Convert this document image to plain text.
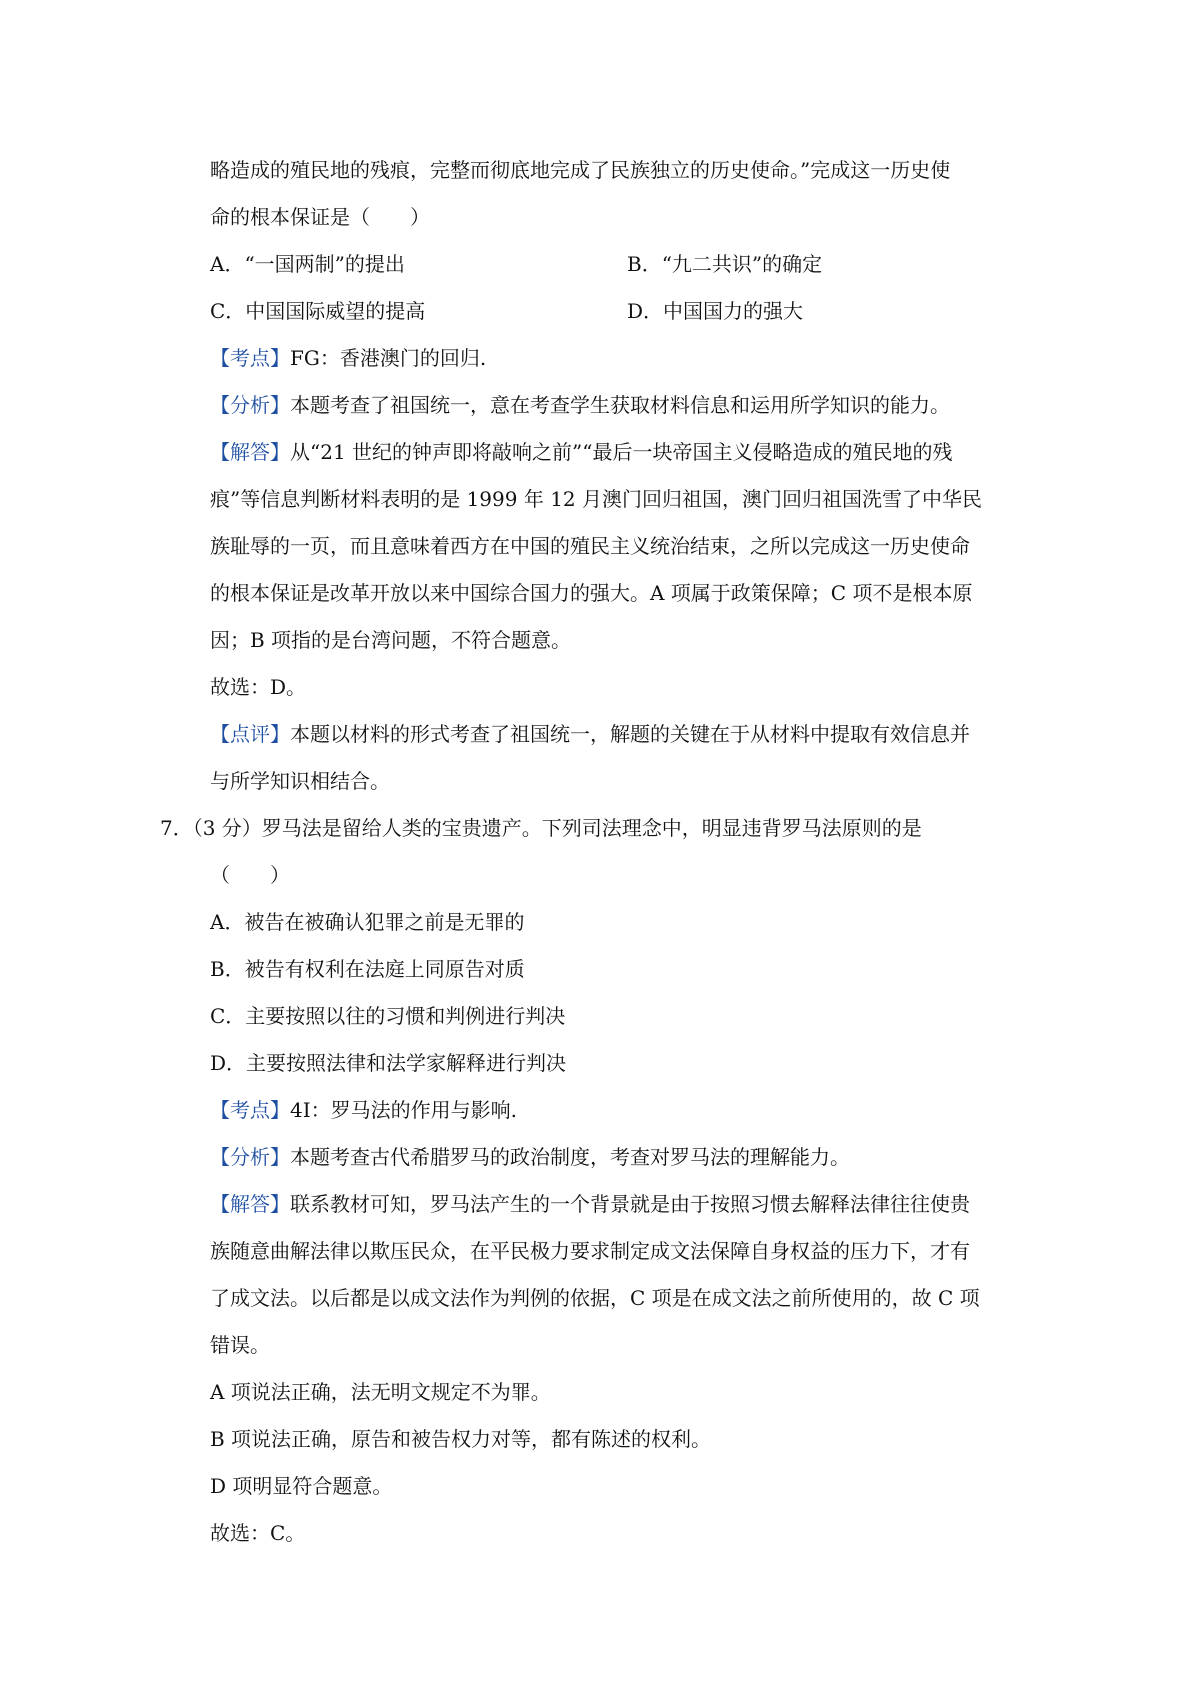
略造成的殖民地的残痕，完整而彻底地完成了民族独立的历史使命。”完成这一历史使
命的根本保证是（　　）
A．“一国两制”的提出	B．“九二共识”的确定
C．中国国际威望的提高	D．中国国力的强大
【考点】FG：香港澳门的回归.
【分析】本题考查了祖国统一，意在考查学生获取材料信息和运用所学知识的能力。
【解答】从“21 世纪的钟声即将敲响之前”“最后一块帝国主义侵略造成的殖民地的残
痕”等信息判断材料表明的是 1999 年 12 月澳门回归祖国，澳门回归祖国洗雪了中华民
族耻辱的一页，而且意味着西方在中国的殖民主义统治结束，之所以完成这一历史使命
的根本保证是改革开放以来中国综合国力的强大。A 项属于政策保障；C 项不是根本原
因；B 项指的是台湾问题，不符合题意。
故选：D。
【点评】本题以材料的形式考查了祖国统一，解题的关键在于从材料中提取有效信息并
与所学知识相结合。
7．（3 分）罗马法是留给人类的宝贵遗产。下列司法理念中，明显违背罗马法原则的是
（　　）
A．被告在被确认犯罪之前是无罪的
B．被告有权利在法庭上同原告对质
C．主要按照以往的习惯和判例进行判决
D．主要按照法律和法学家解释进行判决
【考点】4I：罗马法的作用与影响.
【分析】本题考查古代希腊罗马的政治制度，考查对罗马法的理解能力。
【解答】联系教材可知，罗马法产生的一个背景就是由于按照习惯去解释法律往往使贵
族随意曲解法律以欺压民众，在平民极力要求制定成文法保障自身权益的压力下，才有
了成文法。以后都是以成文法作为判例的依据，C 项是在成文法之前所使用的，故 C 项
错误。
A 项说法正确，法无明文规定不为罪。
B 项说法正确，原告和被告权力对等，都有陈述的权利。
D 项明显符合题意。
故选：C。
